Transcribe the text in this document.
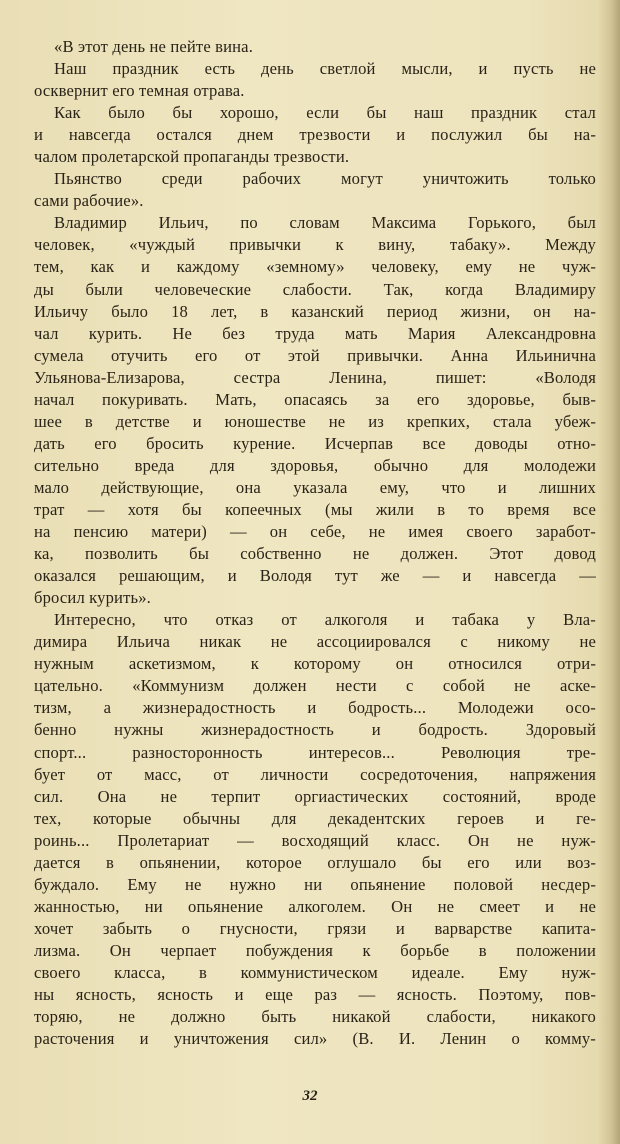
«В этот день не пейте вина.
Наш праздник есть день светлой мысли, и пусть не
осквернит его темная отрава.
Как было бы хорошо, если бы наш праздник стал
и навсегда остался днем трезвости и послужил бы на-
чалом пролетарской пропаганды трезвости.
Пьянство среди рабочих могут уничтожить только
сами рабочие».
Владимир Ильич, по словам Максима Горького, был
человек, «чуждый привычки к вину, табаку». Между
тем, как и каждому «земному» человеку, ему не чуж-
ды были человеческие слабости. Так, когда Владимиру
Ильичу было 18 лет, в казанский период жизни, он на-
чал курить. Не без труда мать Мария Александровна
сумела отучить его от этой привычки. Анна Ильинична
Ульянова-Елизарова, сестра Ленина, пишет: «Володя
начал покуривать. Мать, опасаясь за его здоровье, быв-
шее в детстве и юношестве не из крепких, стала убеж-
дать его бросить курение. Исчерпав все доводы отно-
сительно вреда для здоровья, обычно для молодежи
мало действующие, она указала ему, что и лишних
трат — хотя бы копеечных (мы жили в то время все
на пенсию матери) — он себе, не имея своего заработ-
ка, позволить бы собственно не должен. Этот довод
оказался решающим, и Володя тут же — и навсегда —
бросил курить».
Интересно, что отказ от алкоголя и табака у Вла-
димира Ильича никак не ассоциировался с никому не
нужным аскетизмом, к которому он относился отри-
цательно. «Коммунизм должен нести с собой не аске-
тизм, а жизнерадостность и бодрость... Молодежи осо-
бенно нужны жизнерадостность и бодрость. Здоровый
спорт... разносторонность интересов... Революция тре-
бует от масс, от личности сосредоточения, напряжения
сил. Она не терпит оргиастических состояний, вроде
тех, которые обычны для декадентских героев и ге-
роинь... Пролетариат — восходящий класс. Он не нуж-
дается в опьянении, которое оглушало бы его или воз-
буждало. Ему не нужно ни опьянение половой несдер-
жанностью, ни опьянение алкоголем. Он не смеет и не
хочет забыть о гнусности, грязи и варварстве капита-
лизма. Он черпает побуждения к борьбе в положении
своего класса, в коммунистическом идеале. Ему нуж-
ны ясность, ясность и еще раз — ясность. Поэтому, пов-
торяю, не должно быть никакой слабости, никакого
расточения и уничтожения сил» (В. И. Ленин о комму-
32
